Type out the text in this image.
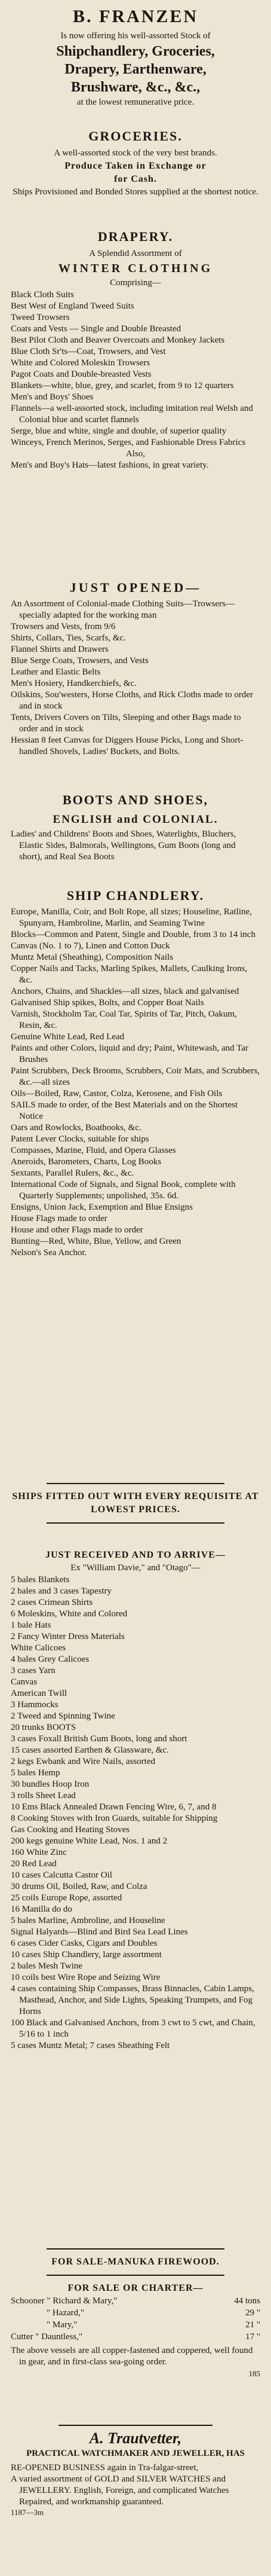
B. FRANZEN
Is now offering his well-assorted Stock of
Shipchandlery, Groceries,
Drapery, Earthenware,
Brushware, &c., &c.,
at the lowest remunerative price.
GROCERIES.
A well-assorted stock of the very best brands.
Produce Taken in Exchange or
for Cash.
Ships Provisioned and Bonded Stores supplied at the shortest notice.
DRAPERY.
A Splendid Assortment of
WINTER CLOTHING
Comprising—
Black Cloth Suits
Best West of England Tweed Suits
Tweed Trowsers
Coats and Vests — Single and Double Breasted
Best Pilot Cloth and Beaver Overcoats and Monkey Jackets
Blue Cloth Sr'ts—Coat, Trowsers, and Vest
White and Colored Moleskin Trowsers
Pagot Coats and Double-breasted Vests
Blankets—white, blue, grey, and scarlet, from 9 to 12 quarters
Men's and Boys' Shoes
Flannels—a well-assorted stock, including imitation real Welsh and Colonial blue and scarlet flannels
Serge, blue and white, single and double, of superior quality
Winceys, French Merinos, Serges, and Fashionable Dress Fabrics
Also,
Men's and Boy's Hats—latest fashions, in great variety.
JUST OPENED—
An Assortment of Colonial-made Clothing Suits—Trowsers—specially adapted for the working man
Trowsers and Vests, from 9/6
Shirts, Collars, Ties, Scarfs, &c.
Flannel Shirts and Drawers
Blue Serge Coats, Trowsers, and Vests
Leather and Elastic Belts
Men's Hosiery, Handkerchiefs, &c.
Oilskins, Sou'westers, Horse Cloths, and Rick Cloths made to order and in stock
Tents, Drivers Covers on Tilts, Sleeping and other Bags made to order and in stock
Hessian 8 feet Canvas for Diggers House Picks, Long and Short-handled Shovels, Ladies' Buckets, and Bolts.
BOOTS AND SHOES,
ENGLISH and COLONIAL.
Ladies' and Childrens' Boots and Shoes, Waterlights, Bluchers, Elastic Sides, Balmorals, Wellingtons, Gum Boots (long and short), and Real Sea Boots
SHIP CHANDLERY.
Europe, Manilla, Coir, and Bolt Rope, all sizes; Houseline, Ratline, Spunyarn, Hambroline, Marlin, and Seaming Twine
Blocks—Common and Patent, Single and Double, from 3 to 14 inch
Canvas (No. 1 to 7), Linen and Cotton Duck
Muntz Metal (Sheathing), Composition Nails
Copper Nails and Tacks, Marling Spikes, Mallets, Caulking Irons, &c.
Anchors, Chains, and Shackles—all sizes, black and galvanised
Galvanised Ship spikes, Bolts, and Copper Boat Nails
Varnish, Stockholm Tar, Coal Tar, Spirits of Tar, Pitch, Oakum, Resin, &c.
Genuine White Lead, Red Lead
Paints and other Colors, liquid and dry; Paint, Whitewash, and Tar Brushes
Paint Scrubbers, Deck Brooms, Scrubbers, Coir Mats, and Scrubbers, &c.—all sizes
Oils—Boiled, Raw, Castor, Colza, Kerosene, and Fish Oils
SAILS made to order, of the Best Materials and on the Shortest Notice
Oars and Rowlocks, Boathooks, &c.
Patent Lever Clocks, suitable for ships
Compasses, Marine, Fluid, and Opera Glasses
Aneroids, Barometers, Charts, Log Books
Sextants, Parallel Rulers, &c., &c.
International Code of Signals, and Signal Book, complete with Quarterly Supplements; unpolished, 35s. 6d.
Ensigns, Union Jack, Exemption and Blue Ensigns
House Flags made to order
House and other Flags made to order
Bunting—Red, White, Blue, Yellow, and Green
Nelson's Sea Anchor.
SHIPS FITTED OUT WITH EVERY REQUISITE AT LOWEST PRICES.
JUST RECEIVED AND TO ARRIVE—
Ex "William Davie," and "Otago"—
5 bales Blankets
2 bales and 3 cases Tapestry
2 cases Crimean Shirts
6 Moleskins, White and Colored
1 bale Hats
2 Fancy Winter Dress Materials
White Calicoes
4 bales Grey Calicoes
3 cases Yarn
Canvas
American Twill
3 Hammocks
2 Tweed and Spinning Twine
20 trunks BOOTS
3 cases Foxall British Gum Boots, long and short
15 cases assorted Earthen & Glassware, &c.
2 kegs Ewbank and Wire Nails, assorted
5 bales Hemp
30 bundles Hoop Iron
3 rolls Sheet Lead
10 Ems Black Annealed Drawn Fencing Wire, 6, 7, and 8
8 Cooking Stoves with Iron Guards, suitable for Shipping
Gas Cooking and Heating Stoves
200 kegs genuine White Lead, Nos. 1 and 2
160 White Zinc
20 Red Lead
10 cases Calcutta Castor Oil
30 drums Oil, Boiled, Raw, and Colza
25 coils Europe Rope, assorted
16 Manilla do do
5 bales Marline, Ambroline, and Houseline
Signal Halyards—Blind and Bird Sea Lead Lines
6 cases Cider Casks, Cigars and Doubles
10 cases Ship Chandlery, large assortment
2 bales Mesh Twine
10 coils best Wire Rope and Seizing Wire
4 cases containing Ship Compasses, Brass Binnacles, Cabin Lamps, Masthead, Anchor, and Side Lights, Speaking Trumpets, and Fog Horns
100 Black and Galvanised Anchors, from 3 cwt to 5 cwt, and Chain, 5/16 to 1 inch
5 cases Muntz Metal; 7 cases Sheathing Felt
FOR SALE-MANUKA FIREWOOD.
FOR SALE OR CHARTER—
Schooner " Richard & Mary,"	44 tons
" Hazard,"	29 "
" Mary,"	21 "
Cutter " Dauntless,"	17 "
The above vessels are all copper-fastened and coppered, well found in gear, and in first-class sea-going order.
185
A. Trautvetter,
PRACTICAL WATCHMAKER AND JEWELLER, HAS
RE-OPENED BUSINESS again in Tra-falgar-street,
A varied assortment of GOLD and SILVER WATCHES and JEWELLERY. English, Foreign, and complicated Watches Repaired, and workmanship guaranteed.
1187—3m
